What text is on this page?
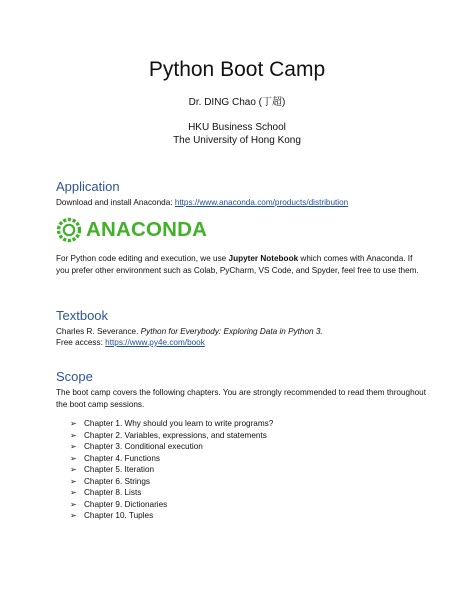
Python Boot Camp
Dr. DING Chao (丁超)
HKU Business School
The University of Hong Kong
Application
Download and install Anaconda: https://www.anaconda.com/products/distribution
ANACONDA
For Python code editing and execution, we use Jupyter Notebook which comes with Anaconda. If you prefer other environment such as Colab, PyCharm, VS Code, and Spyder, feel free to use them.
Textbook
Charles R. Severance. Python for Everybody: Exploring Data in Python 3.
Free access: https://www.py4e.com/book
Scope
The boot camp covers the following chapters. You are strongly recommended to read them throughout the boot camp sessions.
➢ Chapter 1. Why should you learn to write programs?
➢ Chapter 2. Variables, expressions, and statements
➢ Chapter 3. Conditional execution
➢ Chapter 4. Functions
➢ Chapter 5. Iteration
➢ Chapter 6. Strings
➢ Chapter 8. Lists
➢ Chapter 9. Dictionaries
➢ Chapter 10. Tuples
